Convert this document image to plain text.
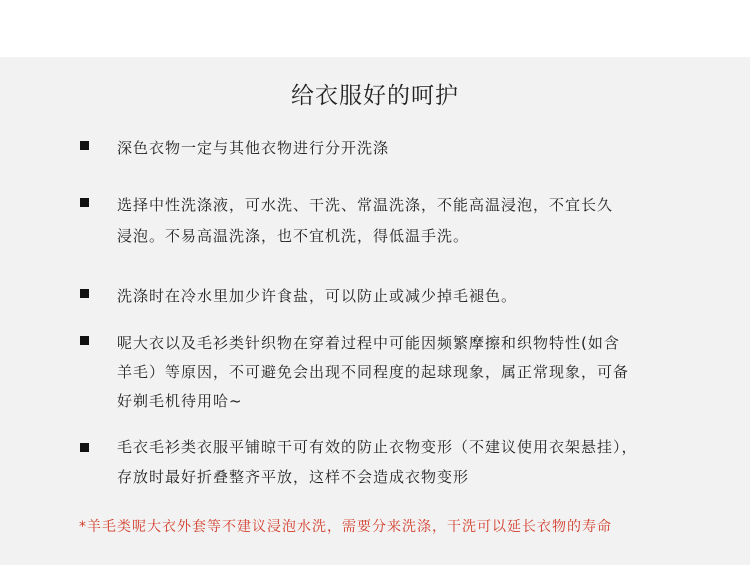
给衣服好的呵护
深色衣物一定与其他衣物进行分开洗涤
选择中性洗涤液，可水洗、干洗、常温洗涤，不能高温浸泡，不宜长久
浸泡。不易高温洗涤，也不宜机洗，得低温手洗。
洗涤时在冷水里加少许食盐，可以防止或减少掉毛褪色。
呢大衣以及毛衫类针织物在穿着过程中可能因频繁摩擦和织物特性(如含
羊毛）等原因，不可避免会出现不同程度的起球现象，属正常现象，可备
好剃毛机待用哈~
毛衣毛衫类衣服平铺晾干可有效的防止衣物变形（不建议使用衣架悬挂），
存放时最好折叠整齐平放，这样不会造成衣物变形
*羊毛类呢大衣外套等不建议浸泡水洗，需要分来洗涤，干洗可以延长衣物的寿命
